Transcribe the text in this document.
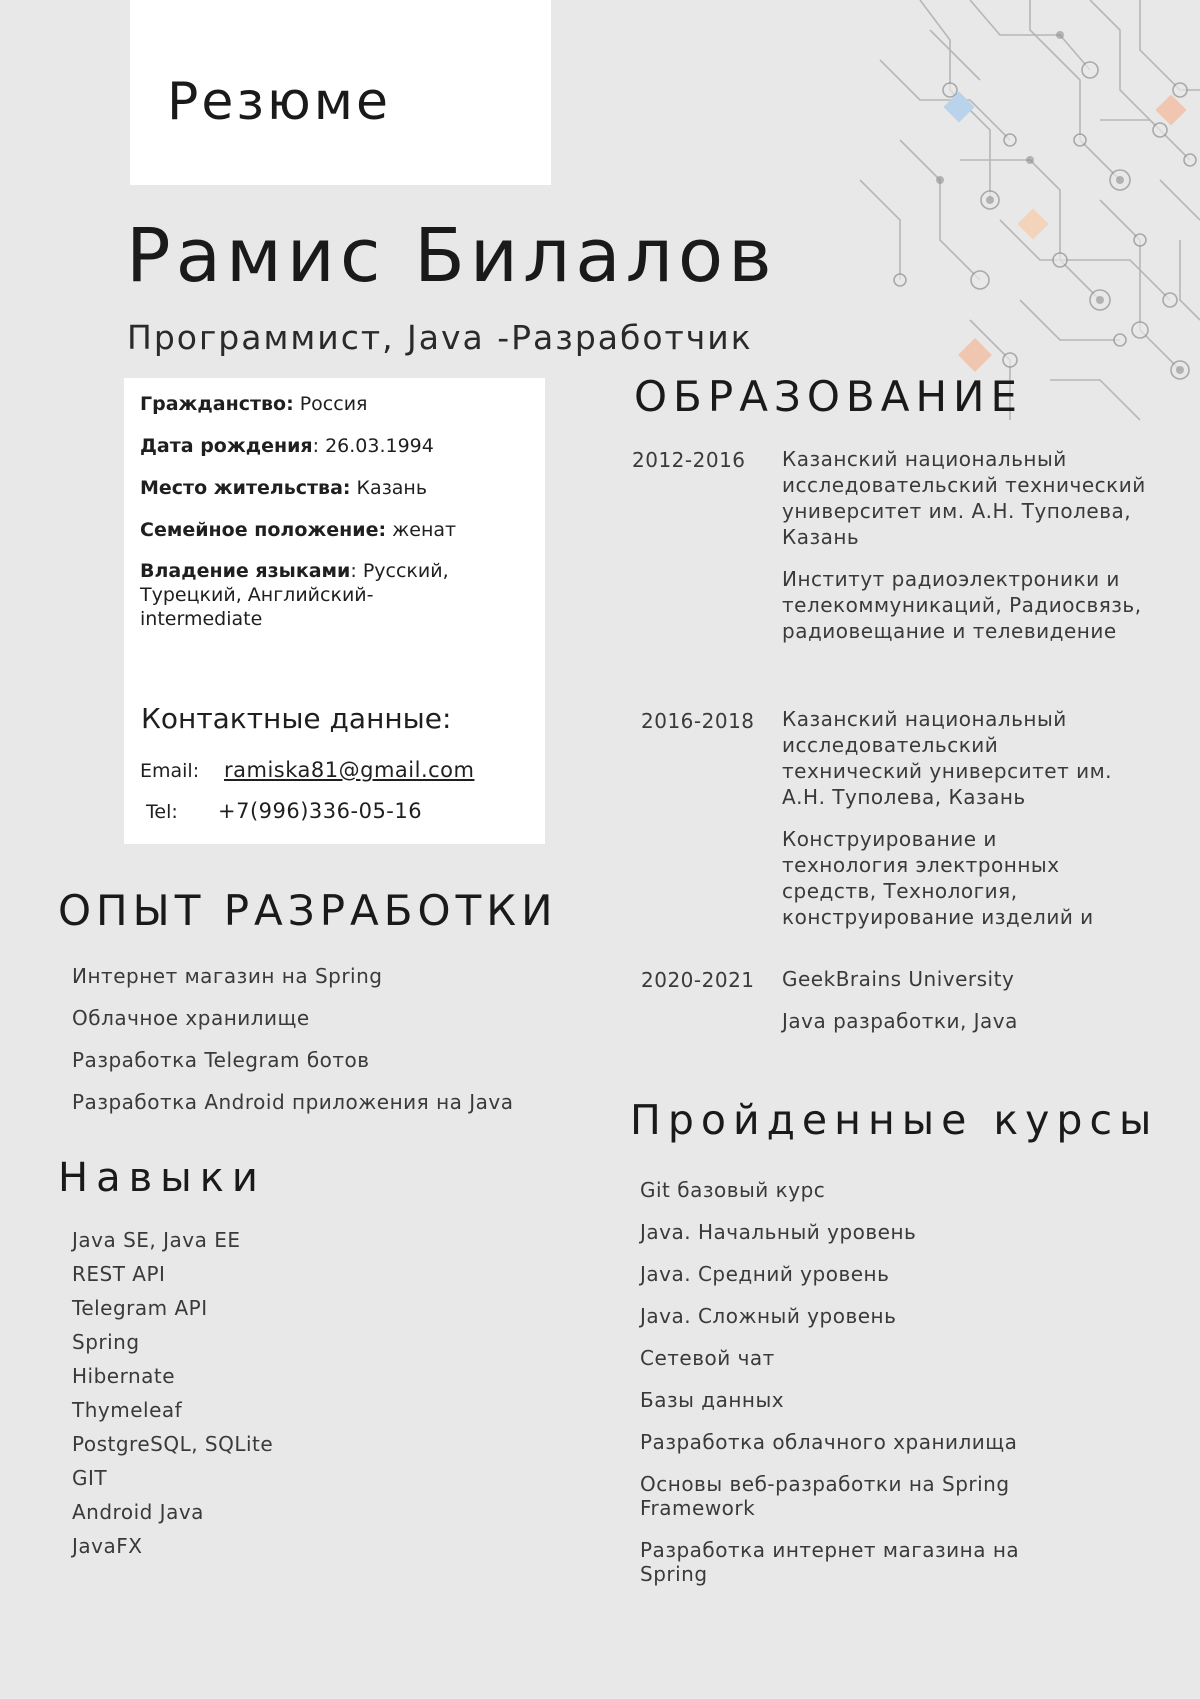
Резюме
Рамис Билалов
Программист, Java -Разработчик
Гражданство: Россия
Дата рождения: 26.03.1994
Место жительства: Казань
Семейное положение: женат
Владение языками: Русский, Турецкий, Английский-intermediate
Контактные данные:
Email: ramiska81@gmail.com
Tel: +7(996)336-05-16
ОПЫТ РАЗРАБОТКИ
Интернет магазин на Spring
Облачное хранилище
Разработка Telegram ботов
Разработка Android приложения на Java
Навыки
Java SE, Java EE
REST API
Telegram API
Spring
Hibernate
Thymeleaf
PostgreSQL, SQLite
GIT
Android Java
JavaFX
ОБРАЗОВАНИЕ
2012-2016 Казанский национальный исследовательский технический университет им. А.Н. Туполева, Казань
Институт радиоэлектроники и телекоммуникаций, Радиосвязь, радиовещание и телевидение
2016-2018 Казанский национальный исследовательский технический университет им. А.Н. Туполева, Казань
Конструирование и технология электронных средств, Технология, конструирование изделий и
2020-2021 GeekBrains University
Java разработки, Java
Пройденные курсы
Git базовый курс
Java. Начальный уровень
Java. Средний уровень
Java. Сложный уровень
Сетевой чат
Базы данных
Разработка облачного хранилища
Основы веб-разработки на Spring Framework
Разработка интернет магазина на Spring
